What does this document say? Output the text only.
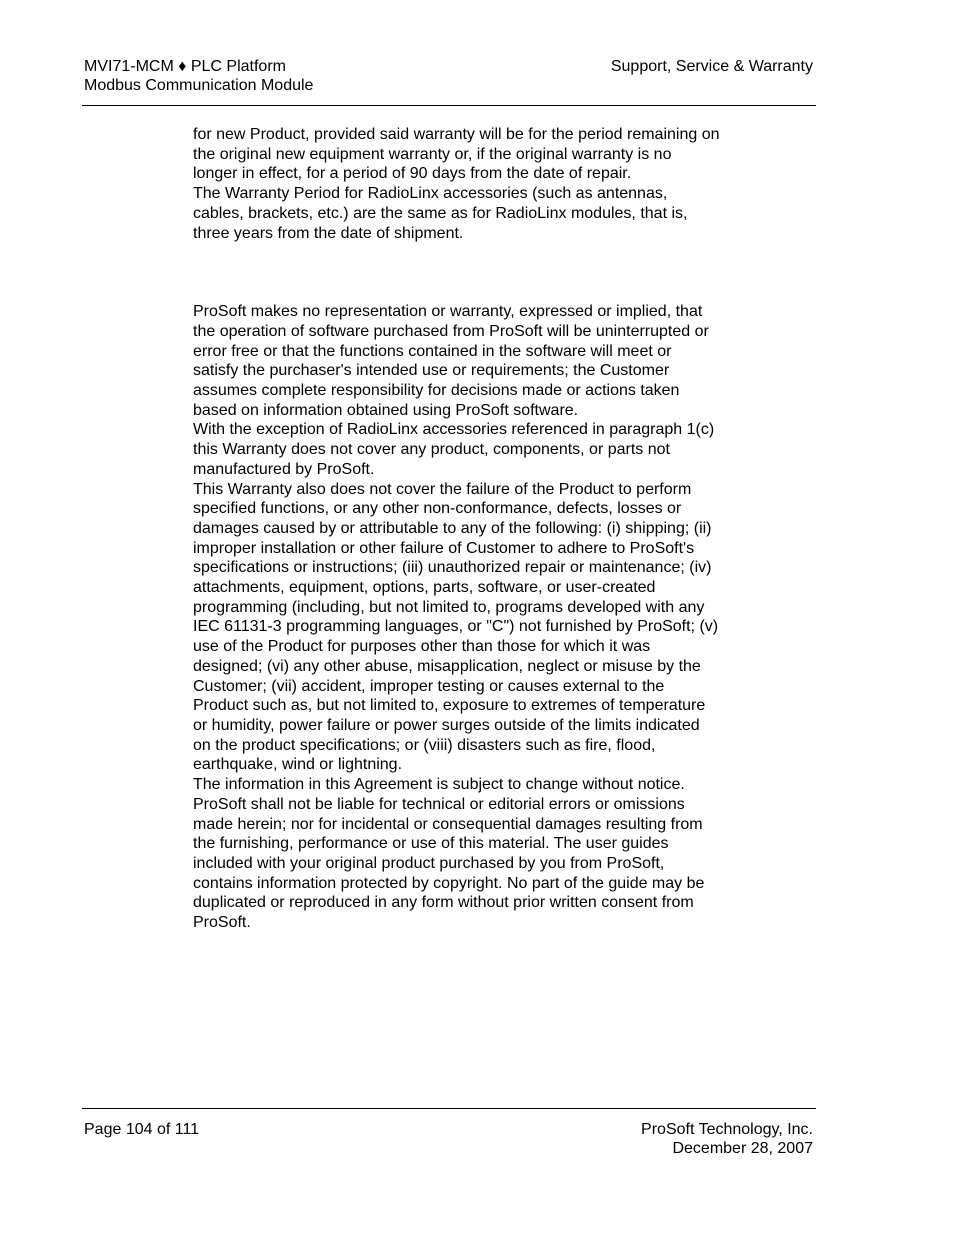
MVI71-MCM ♦ PLC Platform
Modbus Communication Module
Support, Service & Warranty

for new Product, provided said warranty will be for the period remaining on
the original new equipment warranty or, if the original warranty is no
longer in effect, for a period of 90 days from the date of repair.

The Warranty Period for RadioLinx accessories (such as antennas,
cables, brackets, etc.) are the same as for RadioLinx modules, that is,
three years from the date of shipment.

ProSoft makes no representation or warranty, expressed or implied, that
the operation of software purchased from ProSoft will be uninterrupted or
error free or that the functions contained in the software will meet or
satisfy the purchaser's intended use or requirements; the Customer
assumes complete responsibility for decisions made or actions taken
based on information obtained using ProSoft software.

With the exception of RadioLinx accessories referenced in paragraph 1(c)
this Warranty does not cover any product, components, or parts not
manufactured by ProSoft.

This Warranty also does not cover the failure of the Product to perform
specified functions, or any other non-conformance, defects, losses or
damages caused by or attributable to any of the following: (i) shipping; (ii)
improper installation or other failure of Customer to adhere to ProSoft's
specifications or instructions; (iii) unauthorized repair or maintenance; (iv)
attachments, equipment, options, parts, software, or user-created
programming (including, but not limited to, programs developed with any
IEC 61131-3 programming languages, or "C") not furnished by ProSoft; (v)
use of the Product for purposes other than those for which it was
designed; (vi) any other abuse, misapplication, neglect or misuse by the
Customer; (vii) accident, improper testing or causes external to the
Product such as, but not limited to, exposure to extremes of temperature
or humidity, power failure or power surges outside of the limits indicated
on the product specifications; or (viii) disasters such as fire, flood,
earthquake, wind or lightning.

The information in this Agreement is subject to change without notice.
ProSoft shall not be liable for technical or editorial errors or omissions
made herein; nor for incidental or consequential damages resulting from
the furnishing, performance or use of this material. The user guides
included with your original product purchased by you from ProSoft,
contains information protected by copyright. No part of the guide may be
duplicated or reproduced in any form without prior written consent from
ProSoft.

Page 104 of 111	ProSoft Technology, Inc.
December 28, 2007
